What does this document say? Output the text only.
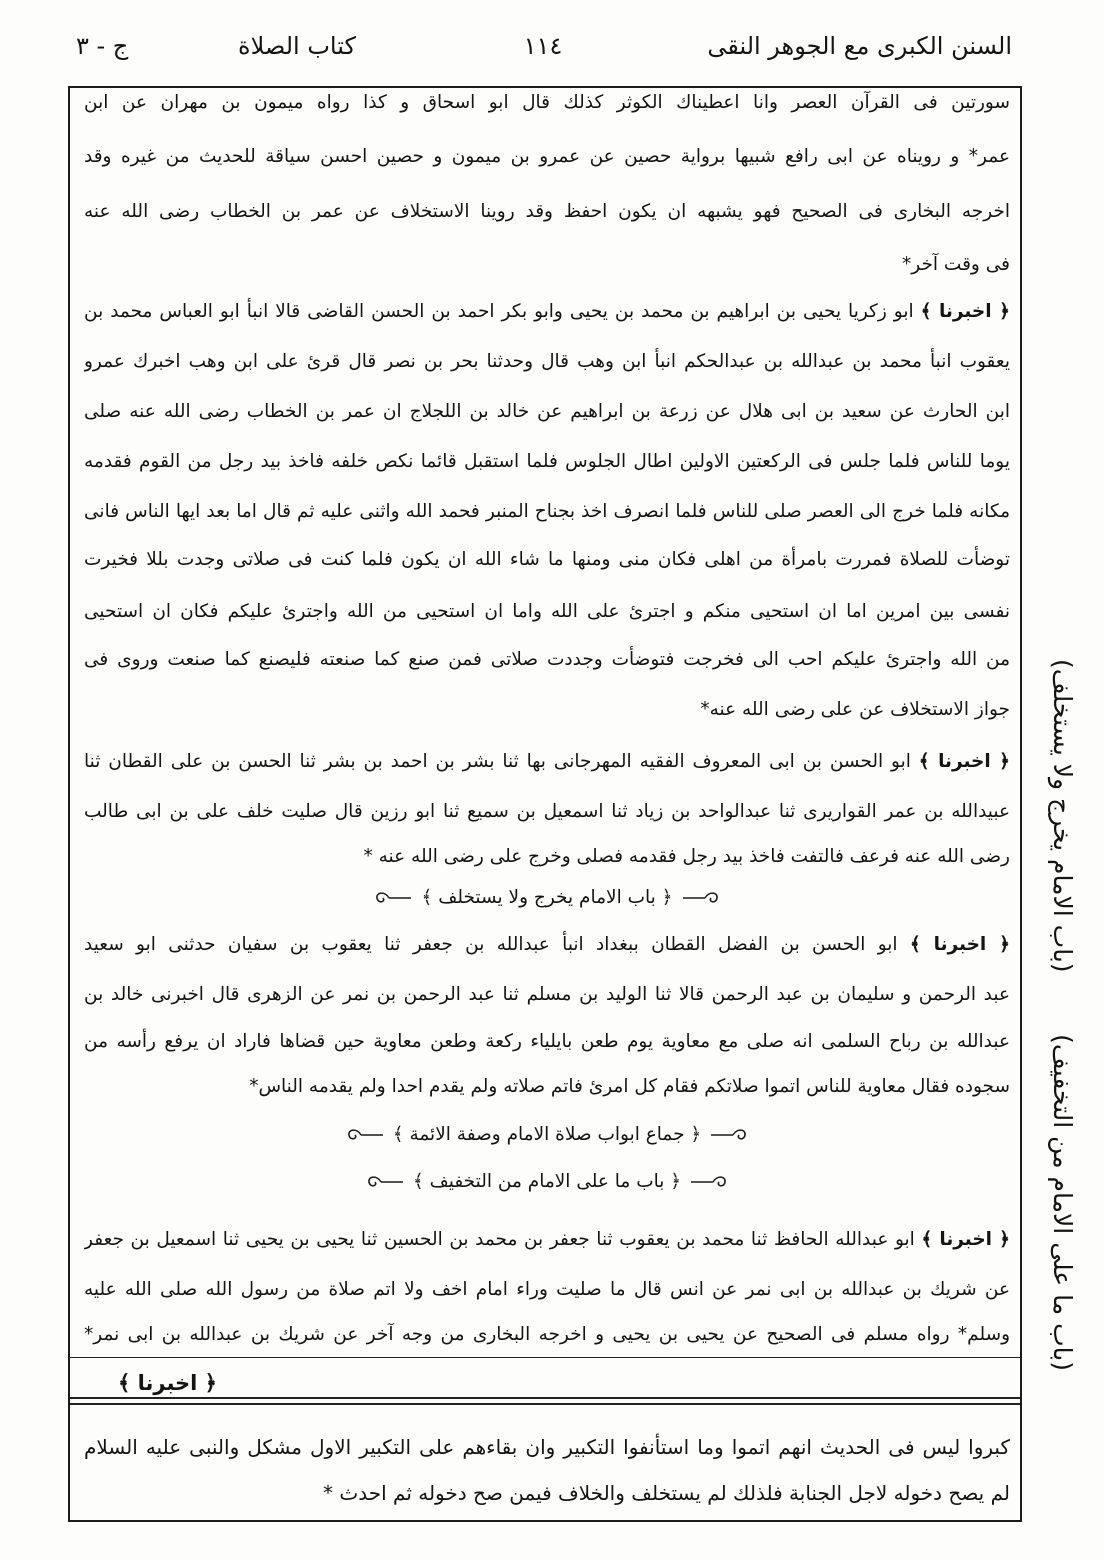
السنن الكبرى مع الجوهر النقى
١١٤
كتاب الصلاة
ج - ٣
سورتين فى القرآن العصر وانا اعطيناك الكوثر كذلك قال ابو اسحاق و كذا رواه ميمون بن مهران عن ابن
عمر* و رويناه عن ابى رافع شبيها برواية حصين عن عمرو بن ميمون و حصين احسن سياقة للحديث من غيره وقد
اخرجه البخارى فى الصحيح فهو يشبهه ان يكون احفظ وقد روينا الاستخلاف عن عمر بن الخطاب رضى الله عنه
فى وقت آخر*
﴿ اخبرنا ﴾ ابو زكريا يحيى بن ابراهيم بن محمد بن يحيى وابو بكر احمد بن الحسن القاضى قالا انبأ ابو العباس محمد بن
يعقوب انبأ محمد بن عبدالله بن عبدالحكم انبأ ابن وهب قال وحدثنا بحر بن نصر قال قرئ على ابن وهب اخبرك عمرو
ابن الحارث عن سعيد بن ابى هلال عن زرعة بن ابراهيم عن خالد بن اللجلاج ان عمر بن الخطاب رضى الله عنه صلى
يوما للناس فلما جلس فى الركعتين الاولين اطال الجلوس فلما استقبل قائما نكص خلفه فاخذ بيد رجل من القوم فقدمه
مكانه فلما خرج الى العصر صلى للناس فلما انصرف اخذ بجناح المنبر فحمد الله واثنى عليه ثم قال اما بعد ايها الناس فانى
توضأت للصلاة فمررت بامرأة من اهلى فكان منى ومنها ما شاء الله ان يكون فلما كنت فى صلاتى وجدت بللا فخيرت
نفسى بين امرين اما ان استحيى منكم و اجترئ على الله واما ان استحيى من الله واجترئ عليكم فكان ان استحيى
من الله واجترئ عليكم احب الى فخرجت فتوضأت وجددت صلاتى فمن صنع كما صنعته فليصنع كما صنعت وروى فى
جواز الاستخلاف عن على رضى الله عنه*
﴿ اخبرنا ﴾ ابو الحسن بن ابى المعروف الفقيه المهرجانى بها ثنا بشر بن احمد بن بشر ثنا الحسن بن على القطان ثنا
عبيدالله بن عمر القواريرى ثنا عبدالواحد بن زياد ثنا اسمعيل بن سميع ثنا ابو رزين قال صليت خلف على بن ابى طالب
رضى الله عنه فرعف فالتفت فاخذ بيد رجل فقدمه فصلى وخرج على رضى الله عنه *
﴿ باب الامام يخرج ولا يستخلف ﴾
﴿ اخبرنا ﴾ ابو الحسن بن الفضل القطان ببغداد انبأ عبدالله بن جعفر ثنا يعقوب بن سفيان حدثنى ابو سعيد
عبد الرحمن و سليمان بن عبد الرحمن قالا ثنا الوليد بن مسلم ثنا عبد الرحمن بن نمر عن الزهرى قال اخبرنى خالد بن
عبدالله بن رباح السلمى انه صلى مع معاوية يوم طعن بايلياء ركعة وطعن معاوية حين قضاها فاراد ان يرفع رأسه من
سجوده فقال معاوية للناس اتموا صلاتكم فقام كل امرئ فاتم صلاته ولم يقدم احدا ولم يقدمه الناس*
﴿ جماع ابواب صلاة الامام وصفة الائمة ﴾
﴿ باب ما على الامام من التخفيف ﴾
﴿ اخبرنا ﴾ ابو عبدالله الحافظ ثنا محمد بن يعقوب ثنا جعفر بن محمد بن الحسين ثنا يحيى بن يحيى ثنا اسمعيل بن جعفر
عن شريك بن عبدالله بن ابى نمر عن انس قال ما صليت وراء امام اخف ولا اتم صلاة من رسول الله صلى الله عليه
وسلم* رواه مسلم فى الصحيح عن يحيى بن يحيى و اخرجه البخارى من وجه آخر عن شريك بن عبدالله بن ابى نمر*
﴿ اخبرنا ﴾
كبروا ليس فى الحديث انهم اتموا وما استأنفوا التكبير وان بقاءهم على التكبير الاول مشكل والنبى عليه السلام
لم يصح دخوله لاجل الجنابة فلذلك لم يستخلف والخلاف فيمن صح دخوله ثم احدث *
(باب ما على الامام من التخفيف)
(باب الامام يخرج ولا يستخلف)
